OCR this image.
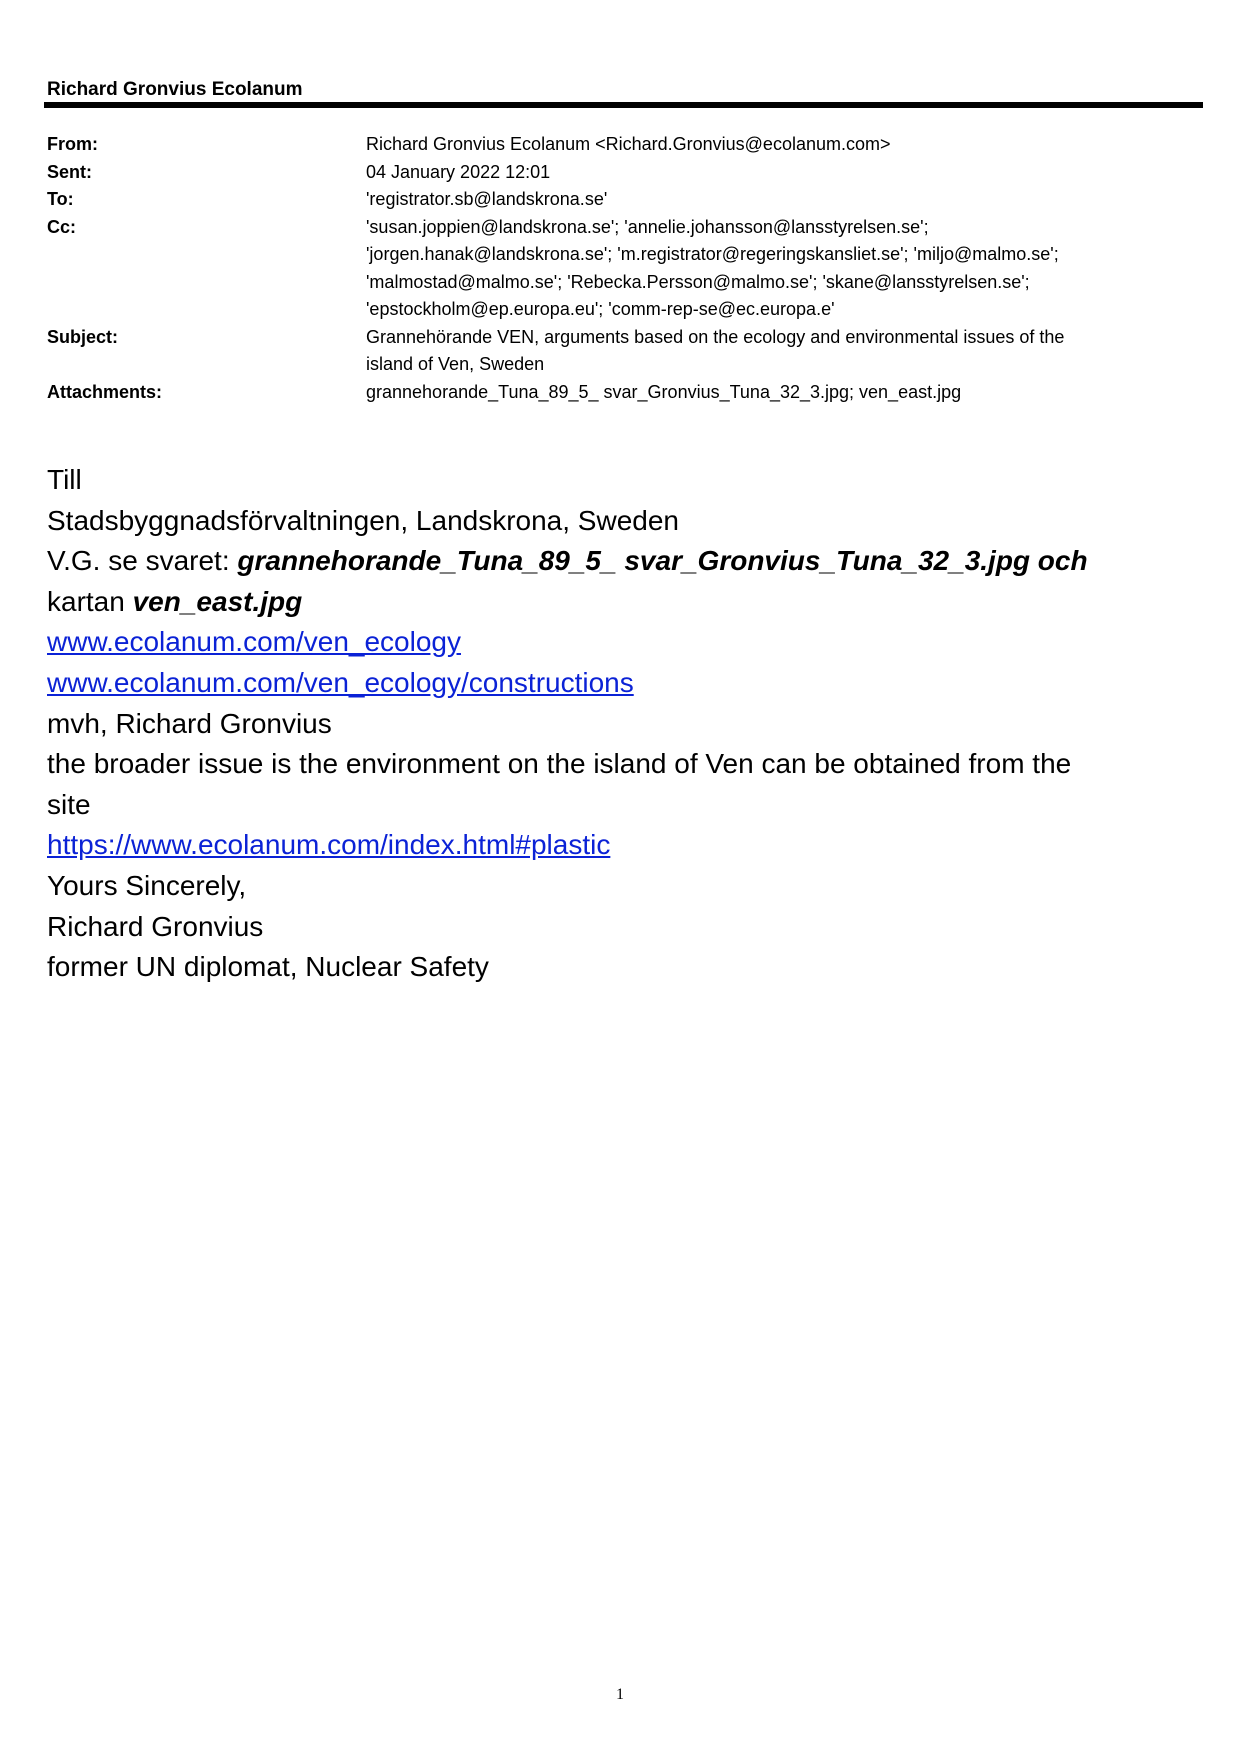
Richard Gronvius Ecolanum
From:	Richard Gronvius Ecolanum <Richard.Gronvius@ecolanum.com>
Sent:	04 January 2022 12:01
To:	'registrator.sb@landskrona.se'
Cc:	'susan.joppien@landskrona.se'; 'annelie.johansson@lansstyrelsen.se';
'jorgen.hanak@landskrona.se'; 'm.registrator@regeringskansliet.se'; 'miljo@malmo.se';
'malmostad@malmo.se'; 'Rebecka.Persson@malmo.se'; 'skane@lansstyrelsen.se';
'epstockholm@ep.europa.eu'; 'comm-rep-se@ec.europa.e'
Subject:	Grannehörande VEN, arguments based on the ecology and environmental issues of the
island of Ven, Sweden
Attachments:	grannehorande_Tuna_89_5_ svar_Gronvius_Tuna_32_3.jpg; ven_east.jpg
Till
Stadsbyggnadsförvaltningen, Landskrona, Sweden
V.G. se svaret: grannehorande_Tuna_89_5_ svar_Gronvius_Tuna_32_3.jpg och
kartan ven_east.jpg
www.ecolanum.com/ven_ecology
www.ecolanum.com/ven_ecology/constructions
mvh, Richard Gronvius
the broader issue is the environment on the island of Ven can be obtained from the
site
https://www.ecolanum.com/index.html#plastic
Yours Sincerely,
Richard Gronvius
former UN diplomat, Nuclear Safety
1
